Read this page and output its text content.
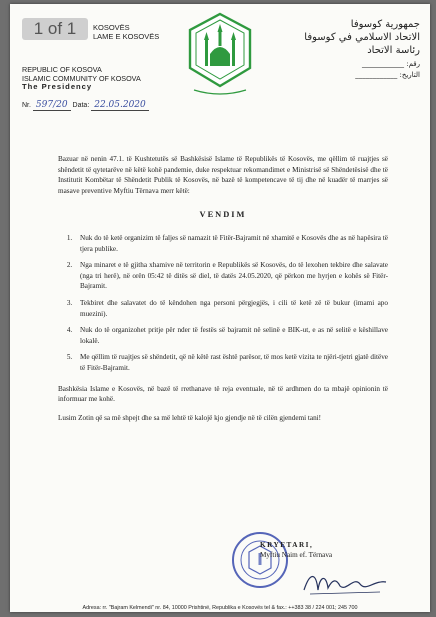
1 of 1	KOSOVËS
LAME E KOSOVËS
REPUBLIC OF KOSOVA
ISLAMIC COMMUNITY OF KOSOVA
The Presidency
Nr. 597/20 Data: 22.05.2020
جمهورية كوسوفا
الاتحاد الاسلامي في كوسوفا
رئاسة الاتحاد
رقم: ____________
التاريخ: ____________

Bazuar në nenin 47.1. të Kushtetutës së Bashkësisë Islame të Republikës të Kosovës, me qëllim të ruajtjes së shëndetit të qytetarëve në këtë kohë pandemie, duke respektuar rekomandimet e Ministrisë së Shëndetësisë dhe të Institutit Kombëtar të Shëndetit Publik të Kosovës, në bazë të kompetencave të tij dhe në kuadër të marrjes së masave preventive Myftiu Tërnava merr këtë:

VENDIM
1. Nuk do të ketë organizim të faljes së namazit të Fitër-Bajramit në xhamitë e Kosovës dhe as në hapësira të tjera publike.
2. Nga minaret e të gjitha xhamive në territorin e Republikës së Kosovës, do të lexohen tekbire dhe salavate (nga tri herë), në orën 05:42 të ditës së diel, të datës 24.05.2020, që përkon me hyrjen e kohës së Fitër-Bajramit.
3. Tekbiret dhe salavatet do të këndohen nga personi përgjegjës, i cili të ketë zë të bukur (imami apo muezini).
4. Nuk do të organizohet pritje për nder të festës së bajramit në selinë e BIK-ut, e as në selitë e këshillave lokalë.
5. Me qëllim të ruajtjes së shëndetit, që në këtë rast është parësor, të mos ketë vizita te njëri-tjetri gjatë ditëve të Fitër-Bajramit.

Bashkësia Islame e Kosovës, në bazë të rrethanave të reja eventuale, në të ardhmen do ta mbajë opinionin të informuar me kohë.

Lusim Zotin që sa më shpejt dhe sa më lehtë të kalojë kjo gjendje në të cilën gjendemi tani!

KRYETARI,
Myftiu Naim ef. Tërnava
Adresa: rr. "Bajram Kelmendi" nr. 84, 10000 Prishtinë, Republika e Kosovës tel & fax.: ++383 38 / 224 001; 245 700
